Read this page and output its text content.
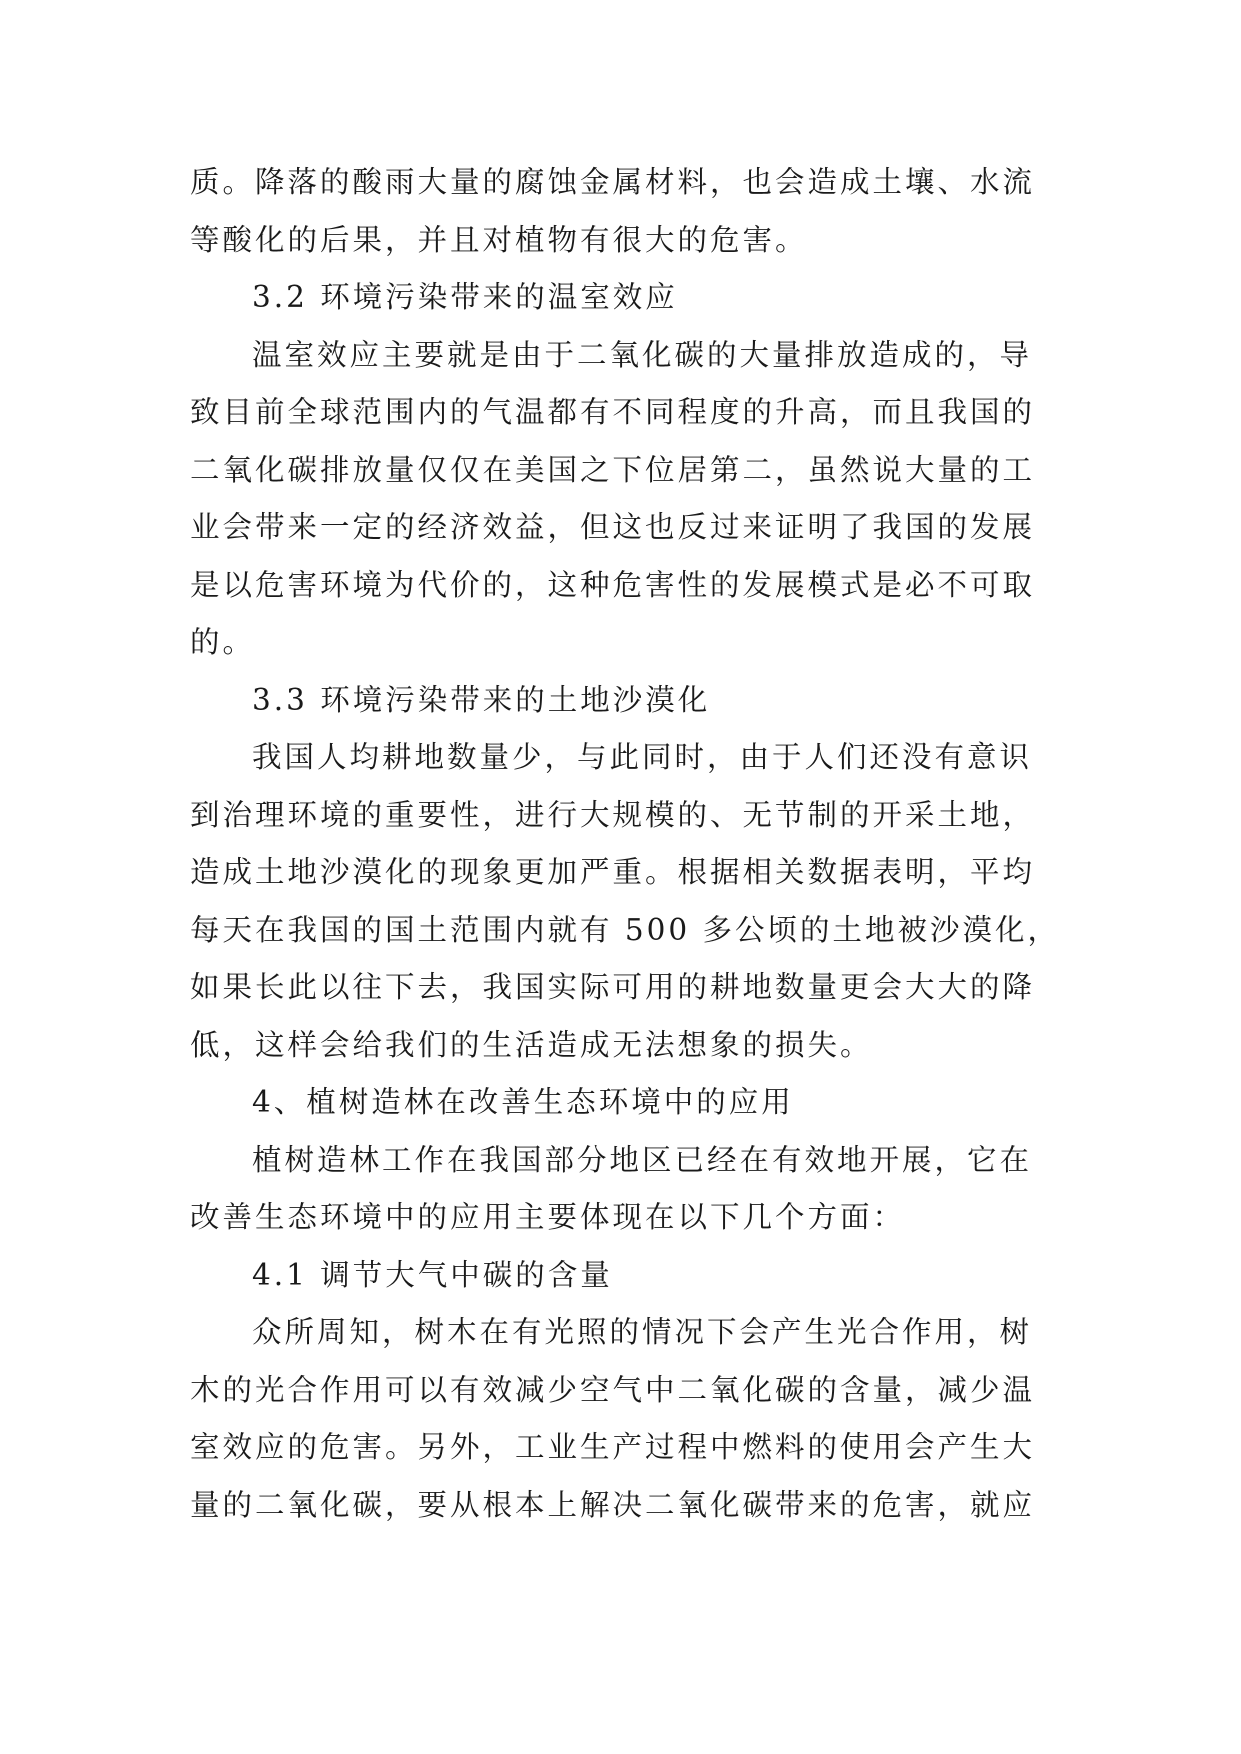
质。降落的酸雨大量的腐蚀金属材料，也会造成土壤、水流
等酸化的后果，并且对植物有很大的危害。
3.2 环境污染带来的温室效应
温室效应主要就是由于二氧化碳的大量排放造成的，导
致目前全球范围内的气温都有不同程度的升高，而且我国的
二氧化碳排放量仅仅在美国之下位居第二，虽然说大量的工
业会带来一定的经济效益，但这也反过来证明了我国的发展
是以危害环境为代价的，这种危害性的发展模式是必不可取
的。
3.3 环境污染带来的土地沙漠化
我国人均耕地数量少，与此同时，由于人们还没有意识
到治理环境的重要性，进行大规模的、无节制的开采土地，
造成土地沙漠化的现象更加严重。根据相关数据表明，平均
每天在我国的国土范围内就有 500 多公顷的土地被沙漠化，
如果长此以往下去，我国实际可用的耕地数量更会大大的降
低，这样会给我们的生活造成无法想象的损失。
4、植树造林在改善生态环境中的应用
植树造林工作在我国部分地区已经在有效地开展，它在
改善生态环境中的应用主要体现在以下几个方面：
4.1 调节大气中碳的含量
众所周知，树木在有光照的情况下会产生光合作用，树
木的光合作用可以有效减少空气中二氧化碳的含量，减少温
室效应的危害。另外，工业生产过程中燃料的使用会产生大
量的二氧化碳，要从根本上解决二氧化碳带来的危害，就应
